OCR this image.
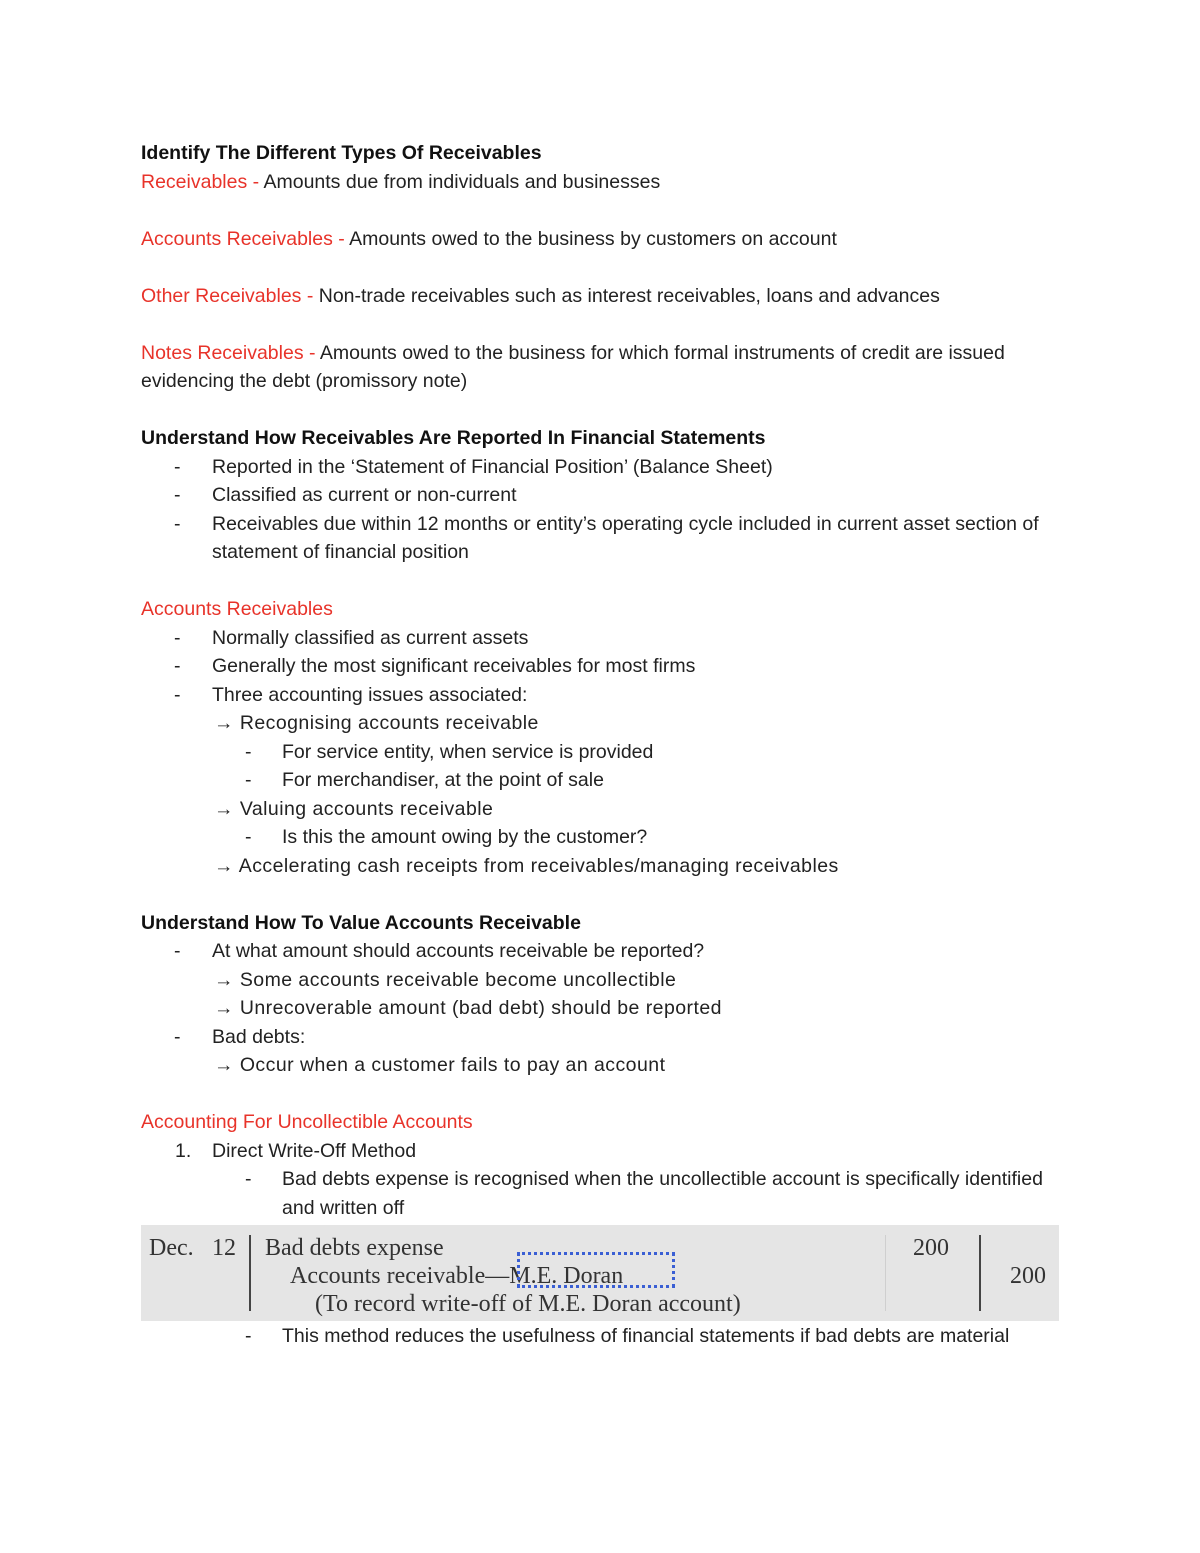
Identify The Different Types Of Receivables
Receivables - Amounts due from individuals and businesses
Accounts Receivables - Amounts owed to the business by customers on account
Other Receivables - Non-trade receivables such as interest receivables, loans and advances
Notes Receivables - Amounts owed to the business for which formal instruments of credit are issued evidencing the debt (promissory note)
Understand How Receivables Are Reported In Financial Statements
- Reported in the ‘Statement of Financial Position’ (Balance Sheet)
- Classified as current or non-current
- Receivables due within 12 months or entity’s operating cycle included in current asset section of statement of financial position
Accounts Receivables
- Normally classified as current assets
- Generally the most significant receivables for most firms
- Three accounting issues associated:
→ Recognising accounts receivable
- For service entity, when service is provided
- For merchandiser, at the point of sale
→ Valuing accounts receivable
- Is this the amount owing by the customer?
→ Accelerating cash receipts from receivables/managing receivables
Understand How To Value Accounts Receivable
- At what amount should accounts receivable be reported?
→ Some accounts receivable become uncollectible
→ Unrecoverable amount (bad debt) should be reported
- Bad debts:
→ Occur when a customer fails to pay an account
Accounting For Uncollectible Accounts
1. Direct Write-Off Method
- Bad debts expense is recognised when the uncollectible account is specifically identified and written off
Dec. 12 Bad debts expense
Accounts receivable—M.E. Doran
(To record write-off of M.E. Doran account)
200
200
- This method reduces the usefulness of financial statements if bad debts are material
